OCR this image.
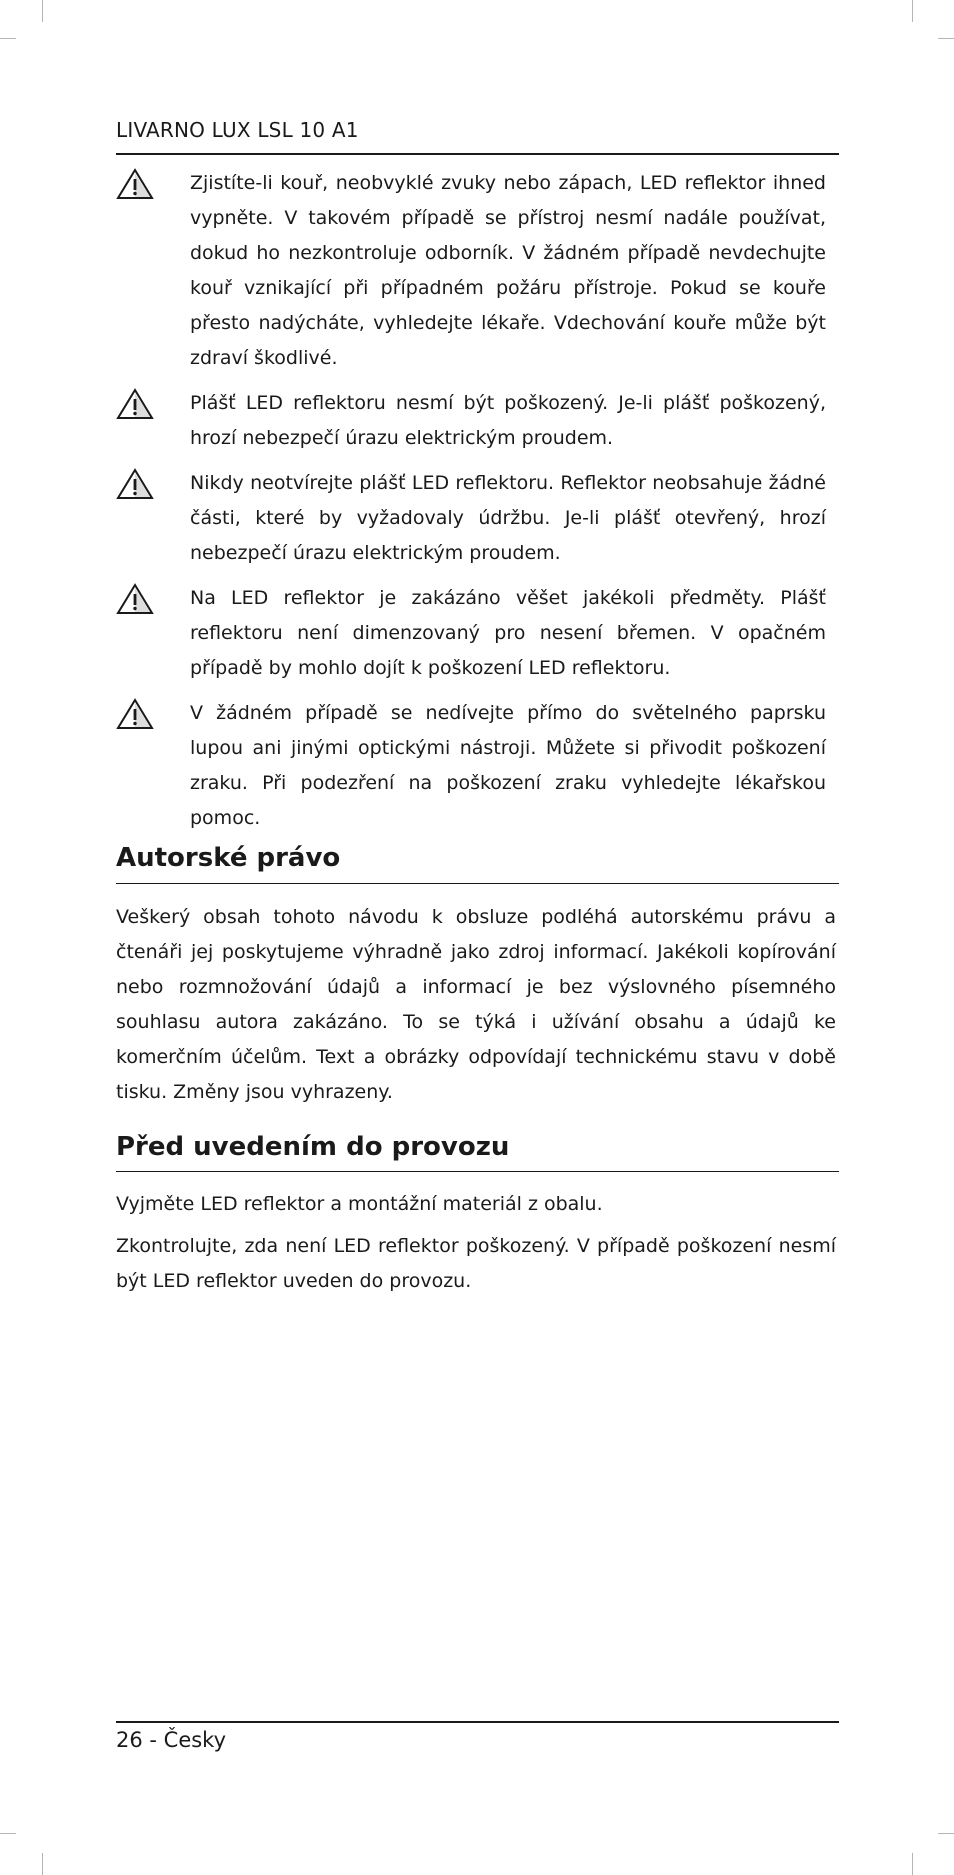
LIVARNO LUX LSL 10 A1
Zjistíte-li kouř, neobvyklé zvuky nebo zápach, LED reflektor ihned vypněte. V takovém případě se přístroj nesmí nadále používat, dokud ho nezkontroluje odborník. V žádném případě nevdechujte kouř vznikající při případném požáru přístroje. Pokud se kouře přesto nadýcháte, vyhledejte lékaře. Vdechování kouře může být zdraví škodlivé.
Plášť LED reflektoru nesmí být poškozený. Je-li plášť poškozený, hrozí nebezpečí úrazu elektrickým proudem.
Nikdy neotvírejte plášť LED reflektoru. Reflektor neobsahuje žádné části, které by vyžadovaly údržbu. Je-li plášť otevřený, hrozí nebezpečí úrazu elektrickým proudem.
Na LED reflektor je zakázáno věšet jakékoli předměty. Plášť reflektoru není dimenzovaný pro nesení břemen. V opačném případě by mohlo dojít k poškození LED reflektoru.
V žádném případě se nedívejte přímo do světelného paprsku lupou ani jinými optickými nástroji. Můžete si přivodit poškození zraku. Při podezření na poškození zraku vyhledejte lékařskou pomoc.
Autorské právo
Veškerý obsah tohoto návodu k obsluze podléhá autorskému právu a čtenáři jej poskytujeme výhradně jako zdroj informací. Jakékoli kopírování nebo rozmnožování údajů a informací je bez výslovného písemného souhlasu autora zakázáno. To se týká i užívání obsahu a údajů ke komerčním účelům. Text a obrázky odpovídají technickému stavu v době tisku. Změny jsou vyhrazeny.
Před uvedením do provozu
Vyjměte LED reflektor a montážní materiál z obalu.
Zkontrolujte, zda není LED reflektor poškozený. V případě poškození nesmí být LED reflektor uveden do provozu.
26 - Česky
